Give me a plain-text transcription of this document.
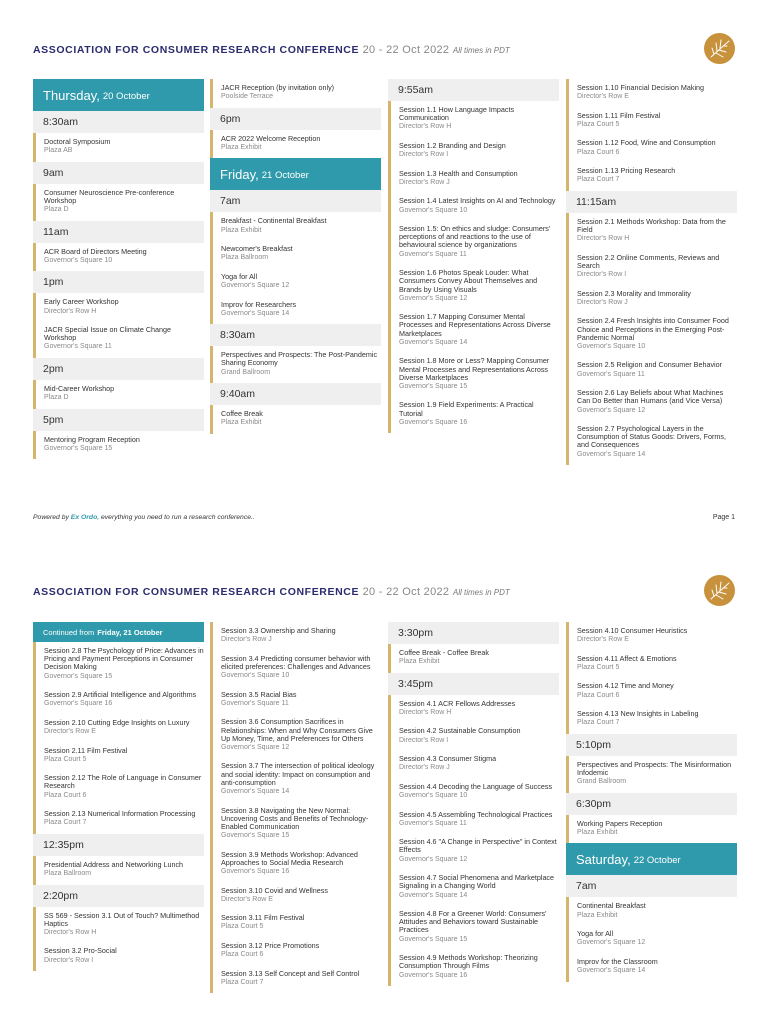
ASSOCIATION FOR CONSUMER RESEARCH CONFERENCE 20 - 22 Oct 2022 All times in PDT
Thursday, 20 October
8:30am
Doctoral Symposium
Plaza AB
9am
Consumer Neuroscience Pre-conference Workshop
Plaza D
11am
ACR Board of Directors Meeting
Governor's Square 10
1pm
Early Career Workshop
Director's Row H
JACR Special Issue on Climate Change Workshop
Governor's Square 11
2pm
Mid-Career Workshop
Plaza D
5pm
Mentoring Program Reception
Governor's Square 15
JACR Reception (by invitation only)
Poolside Terrace
6pm
ACR 2022 Welcome Reception
Plaza Exhibit
Friday, 21 October
7am
Breakfast - Continental Breakfast
Plaza Exhibit
Newcomer's Breakfast
Plaza Ballroom
Yoga for All
Governor's Square 12
Improv for Researchers
Governor's Square 14
8:30am
Perspectives and Prospects: The Post-Pandemic Sharing Economy
Grand Ballroom
9:40am
Coffee Break
Plaza Exhibit
9:55am
Session 1.1 How Language Impacts Communication
Director's Row H
Session 1.2 Branding and Design
Director's Row I
Session 1.3 Health and Consumption
Director's Row J
Session 1.4 Latest Insights on AI and Technology
Governor's Square 10
Session 1.5: On ethics and sludge: Consumers' perceptions of and reactions to the use of behavioural science by organizations
Governor's Square 11
Session 1.6 Photos Speak Louder: What Consumers Convey About Themselves and Brands by Using Visuals
Governor's Square 12
Session 1.7 Mapping Consumer Mental Processes and Representations Across Diverse Marketplaces
Governor's Square 14
Session 1.8 More or Less? Mapping Consumer Mental Processes and Representations Across Diverse Marketplaces
Governor's Square 15
Session 1.9 Field Experiments: A Practical Tutorial
Governor's Square 16
Session 1.10 Financial Decision Making
Director's Row E
Session 1.11 Film Festival
Plaza Court 5
Session 1.12 Food, Wine and Consumption
Plaza Court 6
Session 1.13 Pricing Research
Plaza Court 7
11:15am
Session 2.1 Methods Workshop: Data from the Field
Director's Row H
Session 2.2 Online Comments, Reviews and Search
Director's Row I
Session 2.3 Morality and Immorality
Director's Row J
Session 2.4 Fresh Insights into Consumer Food Choice and Perceptions in the Emerging Post-Pandemic Normal
Governor's Square 10
Session 2.5 Religion and Consumer Behavior
Governor's Square 11
Session 2.6 Lay Beliefs about What Machines Can Do Better than Humans (and Vice Versa)
Governor's Square 12
Session 2.7 Psychological Layers in the Consumption of Status Goods: Drivers, Forms, and Consequences
Governor's Square 14
Powered by Ex Ordo, everything you need to run a research conference..	Page 1
ASSOCIATION FOR CONSUMER RESEARCH CONFERENCE 20 - 22 Oct 2022 All times in PDT
Continued from Friday, 21 October
Session 2.8 The Psychology of Price: Advances in Pricing and Payment Perceptions in Consumer Decision Making
Governor's Square 15
Session 2.9 Artificial Intelligence and Algorithms
Governor's Square 16
Session 2.10 Cutting Edge Insights on Luxury
Director's Row E
Session 2.11 Film Festival
Plaza Court 5
Session 2.12 The Role of Language in Consumer Research
Plaza Court 6
Session 2.13 Numerical Information Processing
Plaza Court 7
12:35pm
Presidential Address and Networking Lunch
Plaza Ballroom
2:20pm
SS 569 - Session 3.1 Out of Touch? Multimethod Haptics
Director's Row H
Session 3.2 Pro-Social
Director's Row I
Session 3.3 Ownership and Sharing
Director's Row J
Session 3.4 Predicting consumer behavior with elicited preferences: Challenges and Advances
Governor's Square 10
Session 3.5 Racial Bias
Governor's Square 11
Session 3.6 Consumption Sacrifices in Relationships: When and Why Consumers Give Up Money, Time, and Preferences for Others
Governor's Square 12
Session 3.7 The intersection of political ideology and social identity: Impact on consumption and anti-consumption
Governor's Square 14
Session 3.8 Navigating the New Normal: Uncovering Costs and Benefits of Technology-Enabled Communication
Governor's Square 15
Session 3.9 Methods Workshop: Advanced Approaches to Social Media Research
Governor's Square 16
Session 3.10 Covid and Wellness
Director's Row E
Session 3.11 Film Festival
Plaza Court 5
Session 3.12 Price Promotions
Plaza Court 6
Session 3.13 Self Concept and Self Control
Plaza Court 7
3:30pm
Coffee Break - Coffee Break
Plaza Exhibit
3:45pm
Session 4.1 ACR Fellows Addresses
Director's Row H
Session 4.2 Sustainable Consumption
Director's Row I
Session 4.3 Consumer Stigma
Director's Row J
Session 4.4 Decoding the Language of Success
Governor's Square 10
Session 4.5 Assembling Technological Practices
Governor's Square 11
Session 4.6 "A Change in Perspective" in Context Effects
Governor's Square 12
Session 4.7 Social Phenomena and Marketplace Signaling in a Changing World
Governor's Square 14
Session 4.8 For a Greener World: Consumers' Attitudes and Behaviors toward Sustainable Practices
Governor's Square 15
Session 4.9 Methods Workshop: Theorizing Consumption Through Films
Governor's Square 16
Session 4.10 Consumer Heuristics
Director's Row E
Session 4.11 Affect & Emotions
Plaza Court 5
Session 4.12 Time and Money
Plaza Court 6
Session 4.13 New Insights in Labeling
Plaza Court 7
5:10pm
Perspectives and Prospects: The Misinformation Infodemic
Grand Ballroom
6:30pm
Working Papers Reception
Plaza Exhibit
Saturday, 22 October
7am
Continental Breakfast
Plaza Exhibit
Yoga for All
Governor's Square 12
Improv for the Classroom
Governor's Square 14
